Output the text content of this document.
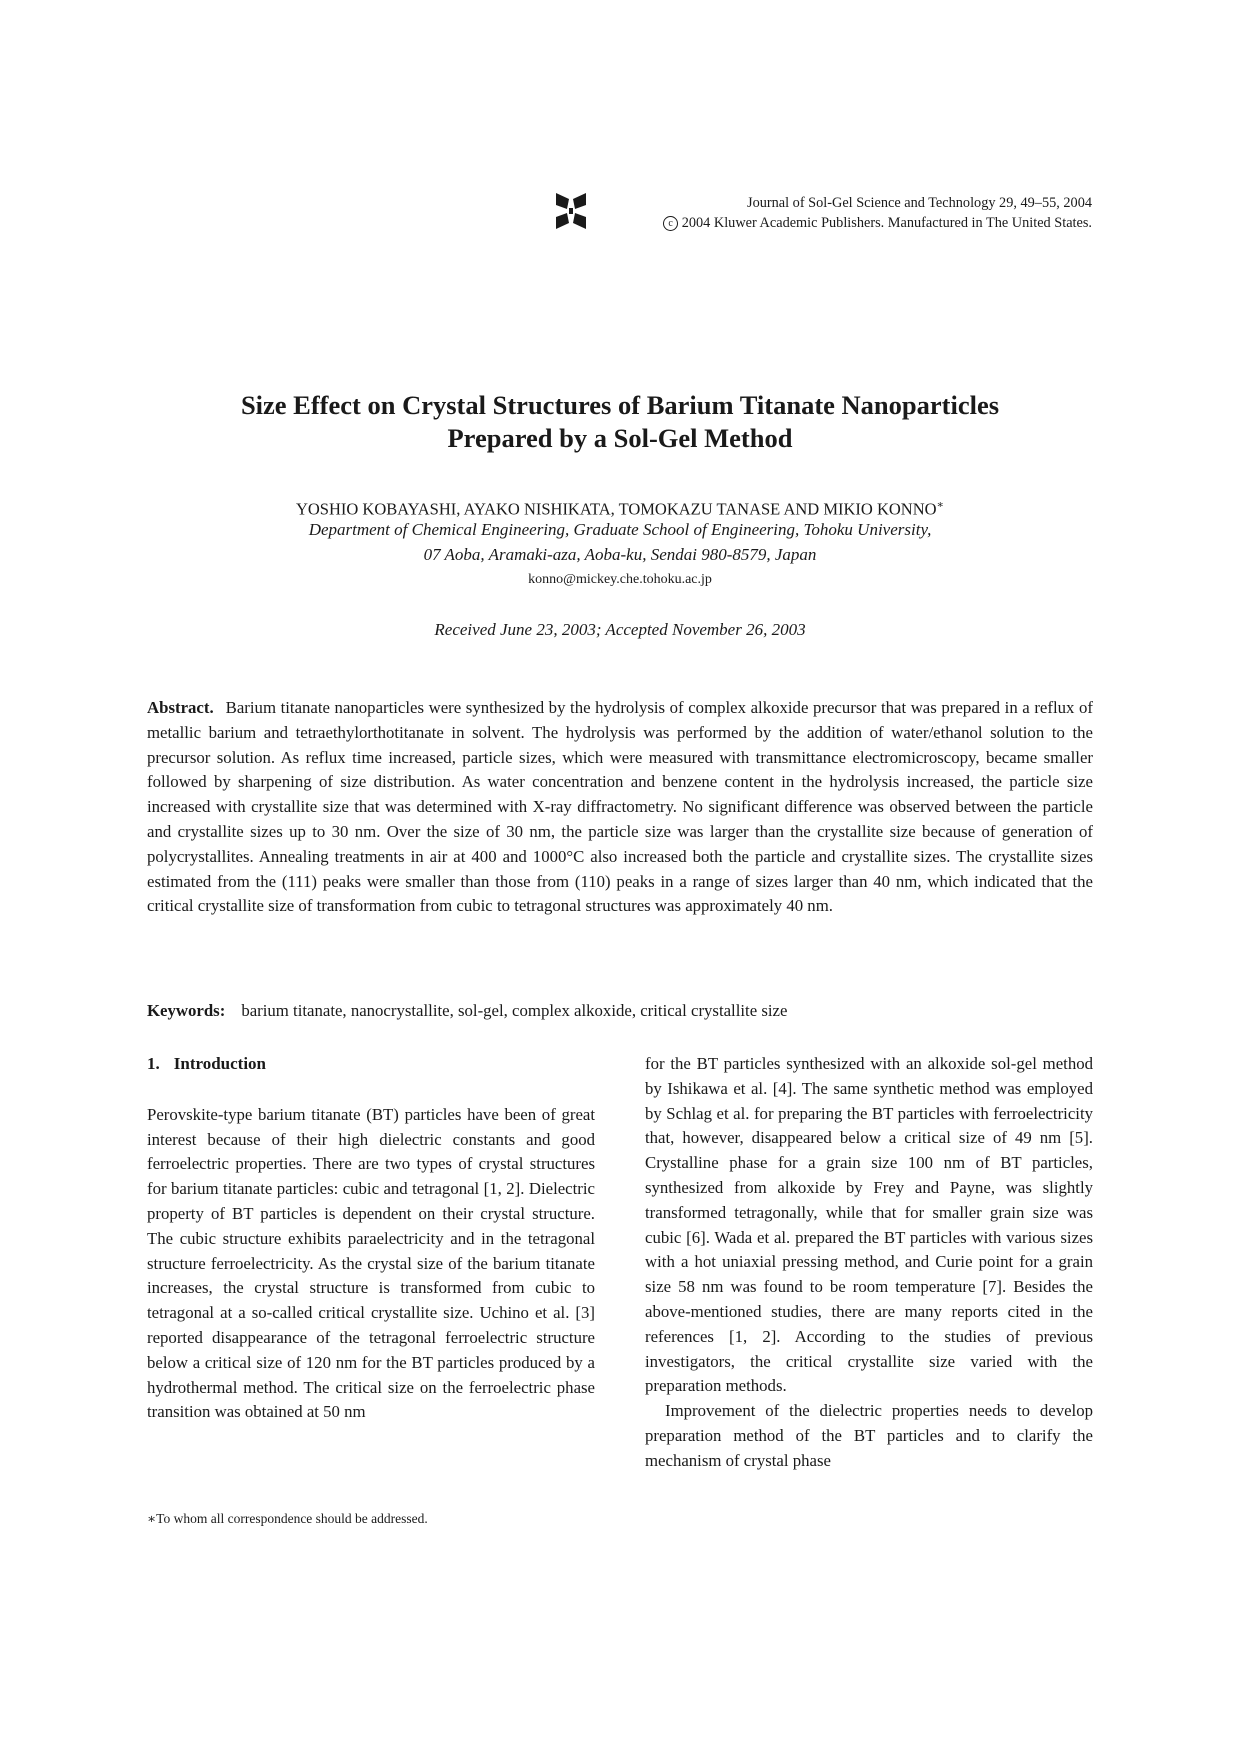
Journal of Sol-Gel Science and Technology 29, 49–55, 2004
c 2004 Kluwer Academic Publishers. Manufactured in The United States.
Size Effect on Crystal Structures of Barium Titanate Nanoparticles
Prepared by a Sol-Gel Method
YOSHIO KOBAYASHI, AYAKO NISHIKATA, TOMOKAZU TANASE AND MIKIO KONNO∗
Department of Chemical Engineering, Graduate School of Engineering, Tohoku University,
07 Aoba, Aramaki-aza, Aoba-ku, Sendai 980-8579, Japan
konno@mickey.che.tohoku.ac.jp
Received June 23, 2003; Accepted November 26, 2003
Abstract. Barium titanate nanoparticles were synthesized by the hydrolysis of complex alkoxide precursor that was prepared in a reflux of metallic barium and tetraethylorthotitanate in solvent. The hydrolysis was performed by the addition of water/ethanol solution to the precursor solution. As reflux time increased, particle sizes, which were measured with transmittance electromicroscopy, became smaller followed by sharpening of size distribution. As water concentration and benzene content in the hydrolysis increased, the particle size increased with crystallite size that was determined with X-ray diffractometry. No significant difference was observed between the particle and crystallite sizes up to 30 nm. Over the size of 30 nm, the particle size was larger than the crystallite size because of generation of polycrystallites. Annealing treatments in air at 400 and 1000°C also increased both the particle and crystallite sizes. The crystallite sizes estimated from the (111) peaks were smaller than those from (110) peaks in a range of sizes larger than 40 nm, which indicated that the critical crystallite size of transformation from cubic to tetragonal structures was approximately 40 nm.
Keywords: barium titanate, nanocrystallite, sol-gel, complex alkoxide, critical crystallite size
1. Introduction

Perovskite-type barium titanate (BT) particles have been of great interest because of their high dielectric constants and good ferroelectric properties. There are two types of crystal structures for barium titanate particles: cubic and tetragonal [1, 2]. Dielectric property of BT particles is dependent on their crystal structure. The cubic structure exhibits paraelectricity and in the tetragonal structure ferroelectricity. As the crystal size of the barium titanate increases, the crystal structure is transformed from cubic to tetragonal at a so-called critical crystallite size. Uchino et al. [3] reported disappearance of the tetragonal ferroelectric structure below a critical size of 120 nm for the BT particles produced by a hydrothermal method. The critical size on the ferroelectric phase transition was obtained at 50 nm

for the BT particles synthesized with an alkoxide sol-gel method by Ishikawa et al. [4]. The same synthetic method was employed by Schlag et al. for preparing the BT particles with ferroelectricity that, however, disappeared below a critical size of 49 nm [5]. Crystalline phase for a grain size 100 nm of BT particles, synthesized from alkoxide by Frey and Payne, was slightly transformed tetragonally, while that for smaller grain size was cubic [6]. Wada et al. prepared the BT particles with various sizes with a hot uniaxial pressing method, and Curie point for a grain size 58 nm was found to be room temperature [7]. Besides the above-mentioned studies, there are many reports cited in the references [1, 2]. According to the studies of previous investigators, the critical crystallite size varied with the preparation methods.

Improvement of the dielectric properties needs to develop preparation method of the BT particles and to clarify the mechanism of crystal phase

∗To whom all correspondence should be addressed.
